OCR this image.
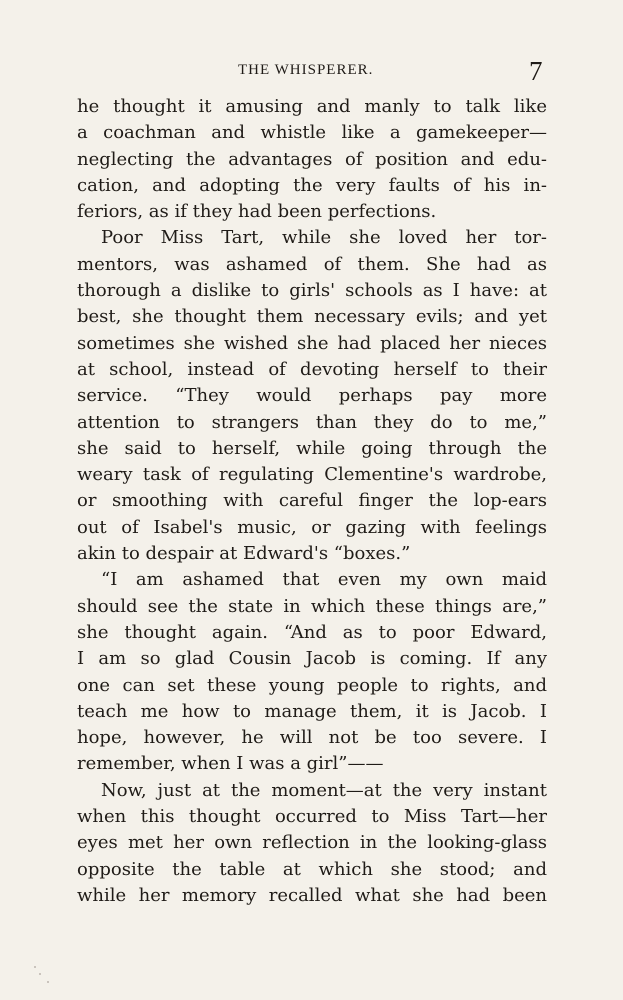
THE WHISPERER.	7
he thought it amusing and manly to talk like
a coachman and whistle like a gamekeeper—
neglecting the advantages of position and edu-
cation, and adopting the very faults of his in-
feriors, as if they had been perfections.
Poor Miss Tart, while she loved her tor-
mentors, was ashamed of them. She had as
thorough a dislike to girls' schools as I have: at
best, she thought them necessary evils; and yet
sometimes she wished she had placed her nieces
at school, instead of devoting herself to their
service. “They would perhaps pay more
attention to strangers than they do to me,”
she said to herself, while going through the
weary task of regulating Clementine's wardrobe,
or smoothing with careful finger the lop-ears
out of Isabel's music, or gazing with feelings
akin to despair at Edward's “boxes.”
“I am ashamed that even my own maid
should see the state in which these things are,”
she thought again. “And as to poor Edward,
I am so glad Cousin Jacob is coming. If any
one can set these young people to rights, and
teach me how to manage them, it is Jacob. I
hope, however, he will not be too severe. I
remember, when I was a girl”——
Now, just at the moment—at the very instant
when this thought occurred to Miss Tart—her
eyes met her own reflection in the looking-glass
opposite the table at which she stood; and
while her memory recalled what she had been
